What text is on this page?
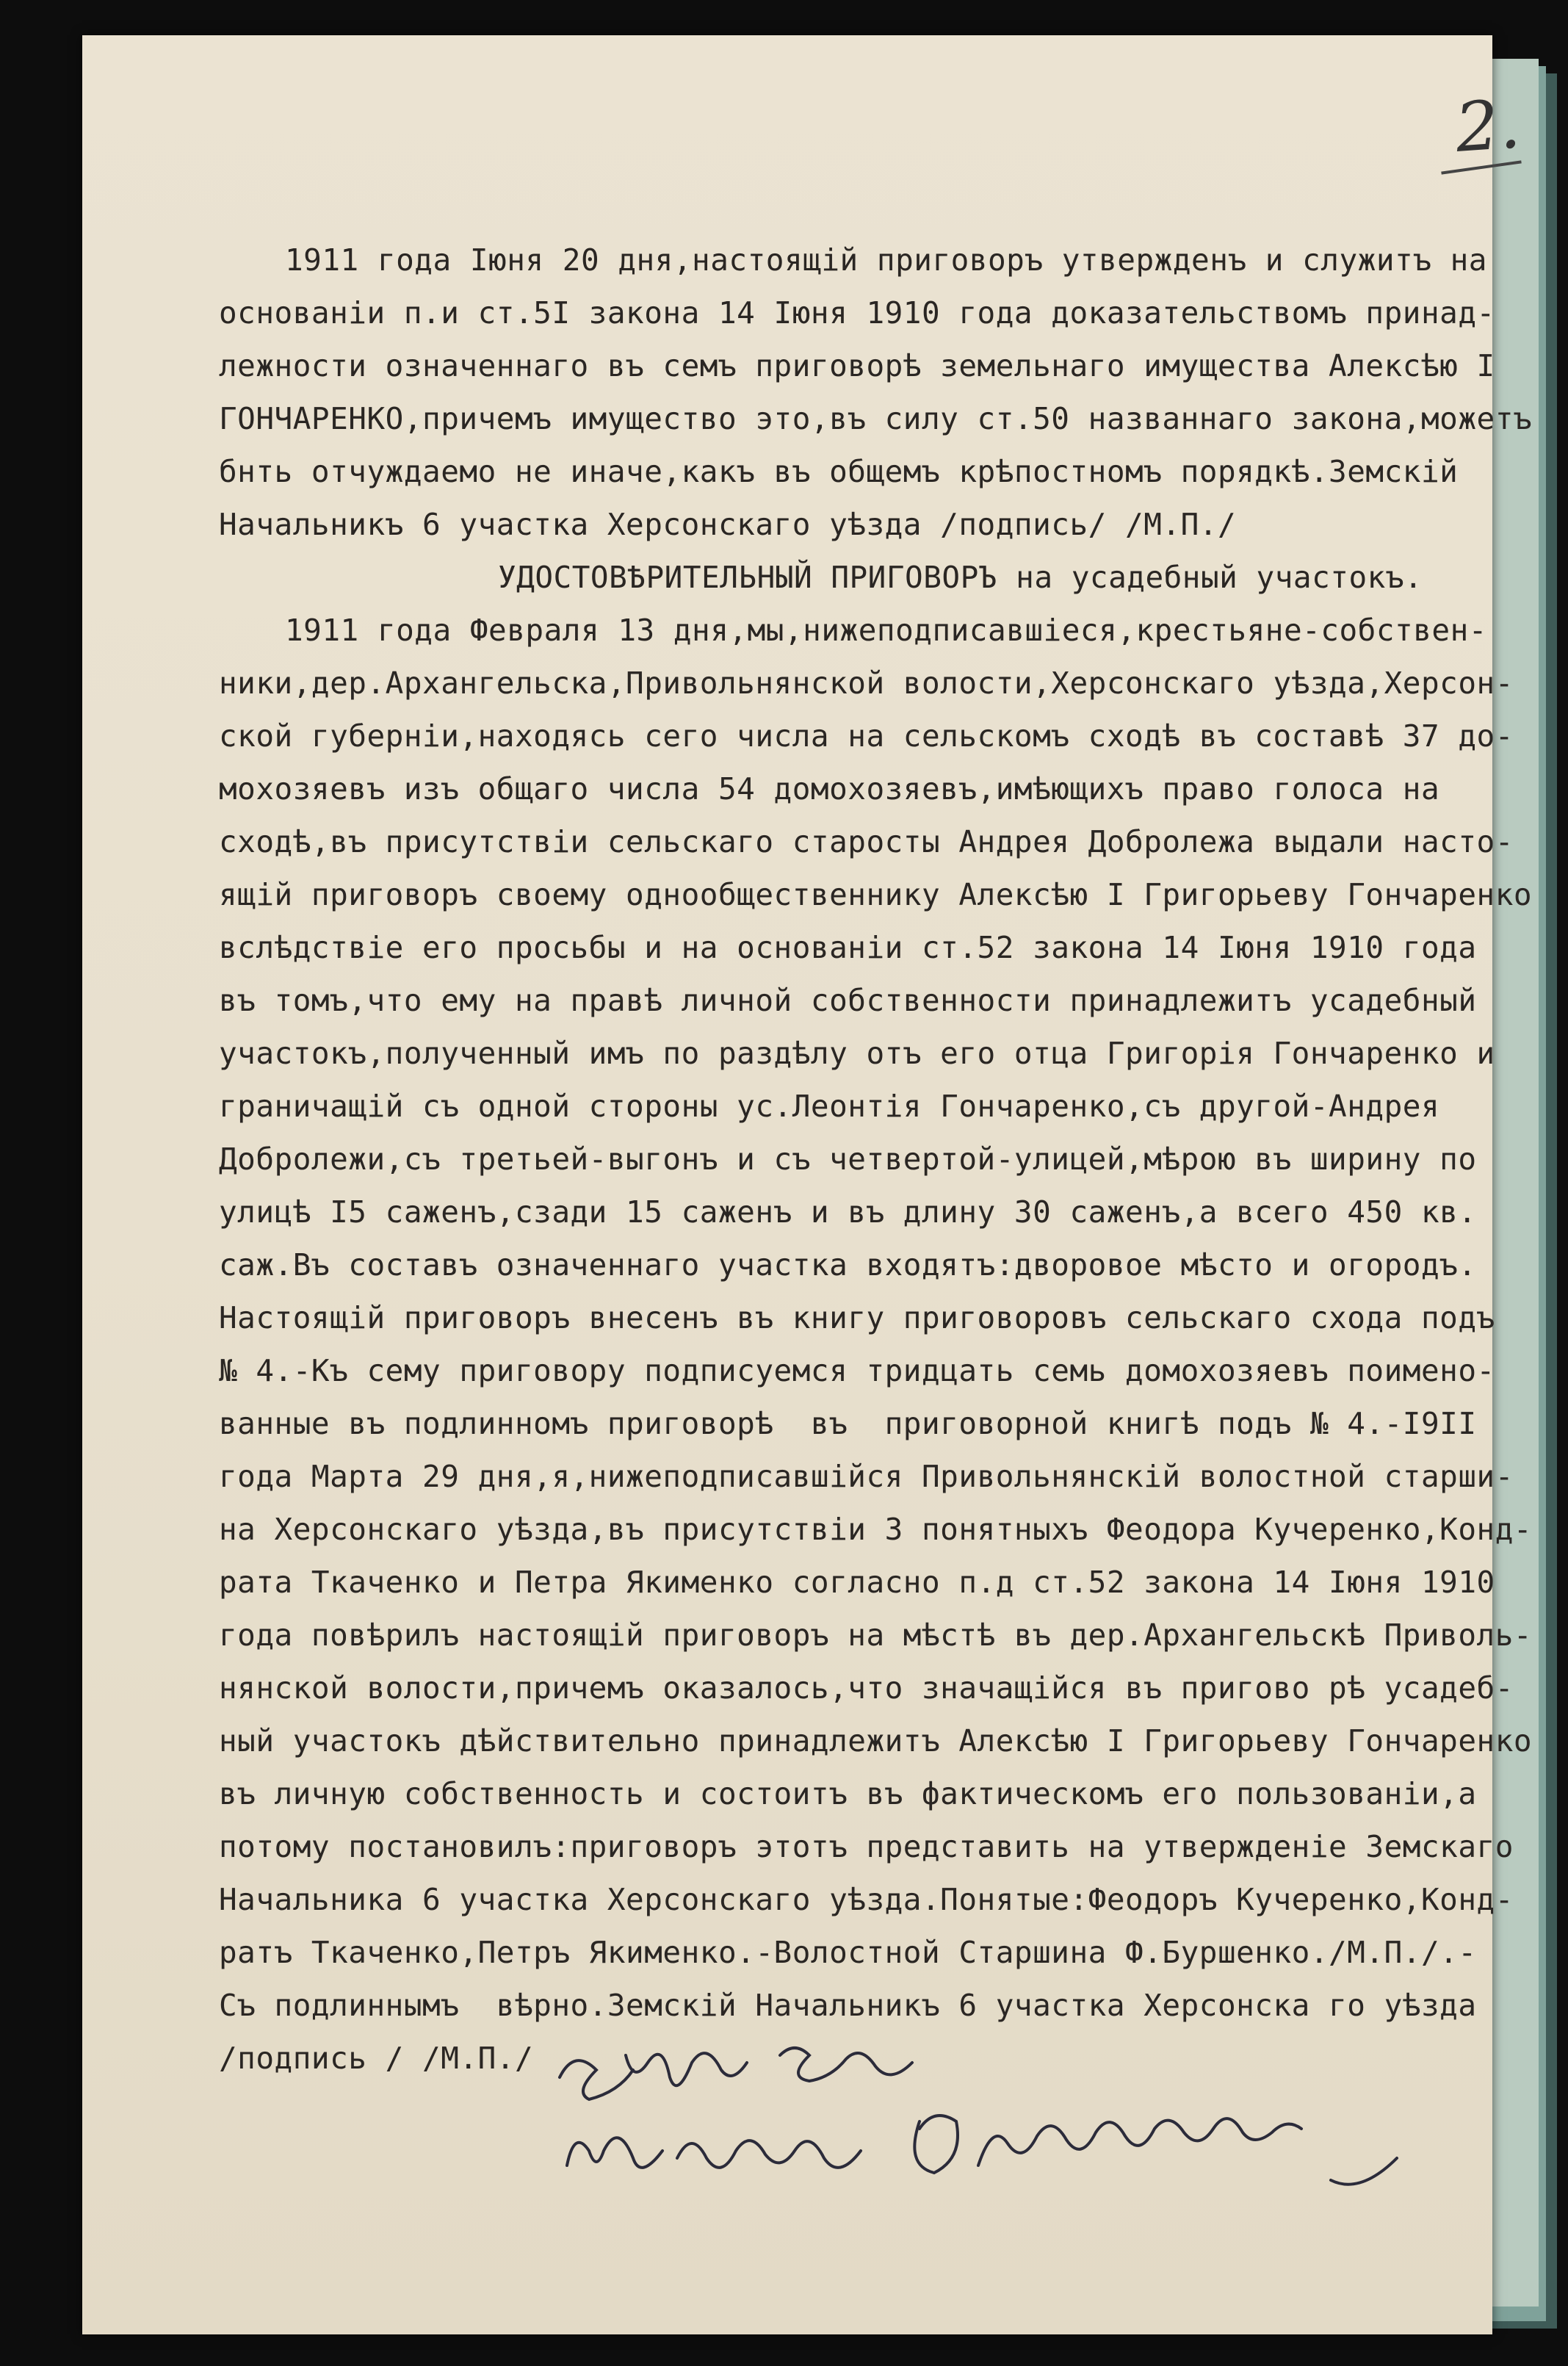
2.
1911 года Iюня 20 дня,настоящiй приговоръ утвержденъ и служитъ на
основанiи п.и ст.5I закона 14 Iюня 1910 года доказательствомъ принад-
лежности означеннаго въ семъ приговорѣ земельнаго имущества Алексѣю I
ГОНЧАРЕНКО,причемъ имущество это,въ силу ст.50 названнаго закона,можетъ
бнть отчуждаемо не иначе,какъ въ общемъ крѣпостномъ порядкѣ.Земскiй
Начальникъ 6 участка Херсонскаго уѣзда /подпись/ /М.П./
УДОСТОВѢРИТЕЛЬНЫЙ ПРИГОВОРЪ на усадебный участокъ.
1911 года Февраля 13 дня,мы,нижеподписавшiеся,крестьяне-собствен-
ники,дер.Архангельска,Привольнянской волости,Херсонскаго уѣзда,Херсон-
ской губернiи,находясь сего числа на сельскомъ сходѣ въ составѣ 37 до-
мохозяевъ изъ общаго числа 54 домохозяевъ,имѣющихъ право голоса на
сходѣ,въ присутствiи сельскаго старосты Андрея Добролежа выдали насто-
ящiй приговоръ своему однообщественнику Алексѣю I Григорьеву Гончаренко
вслѣдствiе его просьбы и на основанiи ст.52 закона 14 Iюня 1910 года
въ томъ,что ему на правѣ личной собственности принадлежитъ усадебный
участокъ,полученный имъ по раздѣлу отъ его отца Григорiя Гончаренко и
граничащiй съ одной стороны ус.Леонтiя Гончаренко,съ другой-Андрея
Добролежи,съ третьей-выгонъ и съ четвертой-улицей,мѣрою въ ширину по
улицѣ I5 саженъ,сзади 15 саженъ и въ длину 30 саженъ,а всего 450 кв.
саж.Въ составъ означеннаго участка входятъ:дворовое мѣсто и огородъ.
Настоящiй приговоръ внесенъ въ книгу приговоровъ сельскаго схода подъ
№ 4.-Къ сему приговору подписуемся тридцать семь домохозяевъ поимено-
ванные въ подлинномъ приговорѣ  въ  приговорной книгѣ подъ № 4.-I9II
года Марта 29 дня,я,нижеподписавшiйся Привольнянскiй волостной старши-
на Херсонскаго уѣзда,въ присутствiи 3 понятныхъ Феодора Кучеренко,Конд-
рата Ткаченко и Петра Якименко согласно п.д ст.52 закона 14 Iюня 1910
года повѣрилъ настоящiй приговоръ на мѣстѣ въ дер.Архангельскѣ Приволь-
нянской волости,причемъ оказалось,что значащiйся въ пригово рѣ усадеб-
ный участокъ дѣйствительно принадлежитъ Алексѣю I Григорьеву Гончаренко
въ личную собственность и состоитъ въ фактическомъ его пользованiи,а
потому постановилъ:приговоръ этотъ представить на утвержденiе Земскаго
Начальника 6 участка Херсонскаго уѣзда.Понятые:Феодоръ Кучеренко,Конд-
ратъ Ткаченко,Петръ Якименко.-Волостной Старшина Ф.Буршенко./М.П./.-
Съ подлиннымъ  вѣрно.Земскiй Начальникъ 6 участка Херсонска го уѣзда
/подпись / /М.П./
